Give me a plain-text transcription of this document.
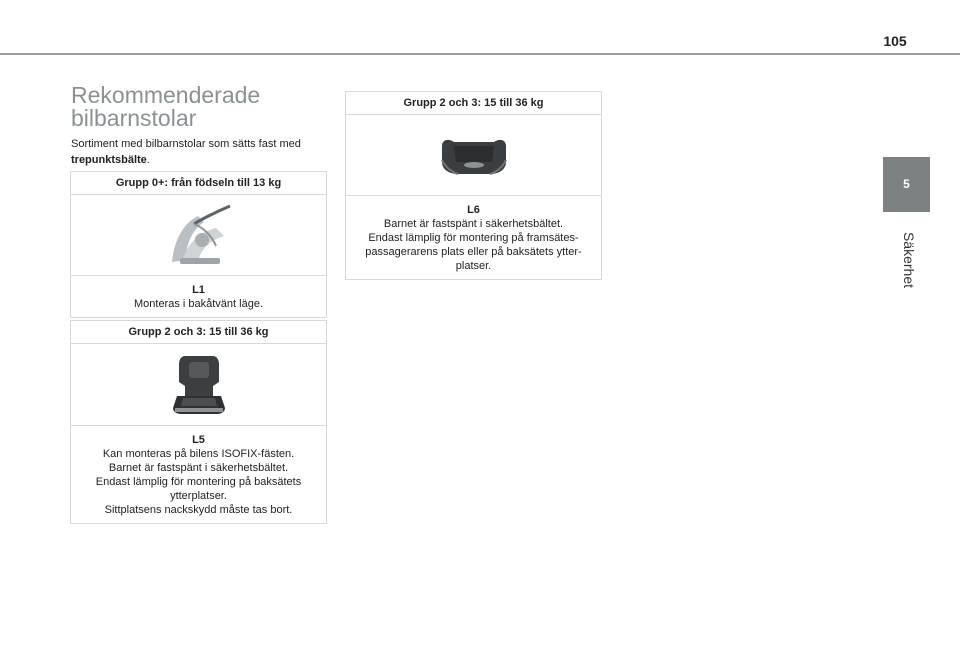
105
5
Säkerhet
Rekommenderade
bilbarnstolar
Sortiment med bilbarnstolar som sätts fast med
trepunktsbälte.
Grupp 0+: från födseln till 13 kg
L1
Monteras i bakåtvänt läge.
Grupp 2 och 3: 15 till 36 kg
L5
Kan monteras på bilens ISOFIX-fästen.
Barnet är fastspänt i säkerhetsbältet.
Endast lämplig för montering på baksätets
ytterplatser.
Sittplatsens nackskydd måste tas bort.
Grupp 2 och 3: 15 till 36 kg
L6
Barnet är fastspänt i säkerhetsbältet.
Endast lämplig för montering på framsätes-
passagerarens plats eller på baksätets ytter-
platser.
